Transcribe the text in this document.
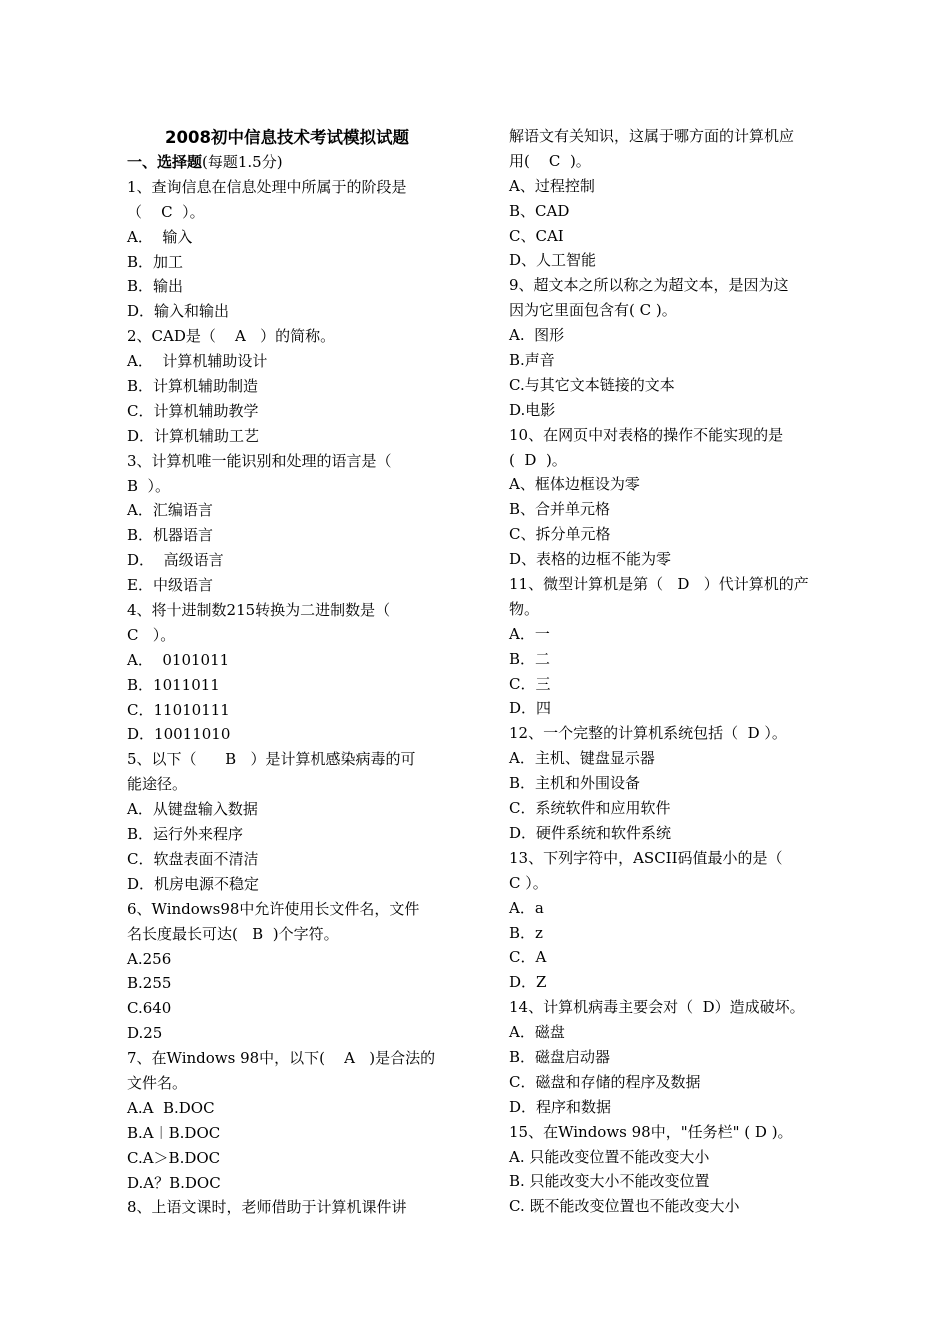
2008初中信息技术考试模拟试题
一、选择题(每题1.5分)
1、查询信息在信息处理中所属于的阶段是
（    C  ）。
A．  输入
B．加工
B．输出
D．输入和输出
2、CAD是（    A   ）的简称。
A．  计算机辅助设计
B．计算机辅助制造
C．计算机辅助教学
D．计算机辅助工艺
3、计算机唯一能识别和处理的语言是（
B  ）。
A．汇编语言
B．机器语言
D．  高级语言
E．中级语言
4、将十进制数215转换为二进制数是（
C   ）。
A．  0101011
B．1011011
C．11010111
D．10011010
5、以下（      B   ）是计算机感染病毒的可
能途径。
A．从键盘输入数据
B．运行外来程序
C．软盘表面不清洁
D．机房电源不稳定
6、Windows98中允许使用长文件名，文件
名长度最长可达(   B  )个字符。
A.256
B.255
C.640
D.25
7、在Windows 98中，以下(    A   )是合法的
文件名。
A.A  B.DOC
B.A︱B.DOC
C.A＞B.DOC
D.A？B.DOC
8、上语文课时，老师借助于计算机课件讲
解语文有关知识，这属于哪方面的计算机应
用(    C  )。
A、过程控制
B、CAD
C、CAI
D、人工智能
9、超文本之所以称之为超文本，是因为这
因为它里面包含有( C )。
A.  图形
B.声音
C.与其它文本链接的文本
D.电影
10、在网页中对表格的操作不能实现的是
(  D  )。
A、框体边框设为零
B、合并单元格
C、拆分单元格
D、表格的边框不能为零
11、微型计算机是第（   D   ）代计算机的产
物。
A．一
B．二
C．三
D．四
12、一个完整的计算机系统包括（  D ）。
A．主机、键盘显示器
B．主机和外围设备
C．系统软件和应用软件
D．硬件系统和软件系统
13、下列字符中，ASCII码值最小的是（
C ）。
A．a
B．z
C．A
D．Z
14、计算机病毒主要会对（  D）造成破坏。
A．磁盘
B．磁盘启动器
C．磁盘和存储的程序及数据
D．程序和数据
15、在Windows 98中，"任务栏" ( D )。
A. 只能改变位置不能改变大小
B. 只能改变大小不能改变位置
C. 既不能改变位置也不能改变大小
